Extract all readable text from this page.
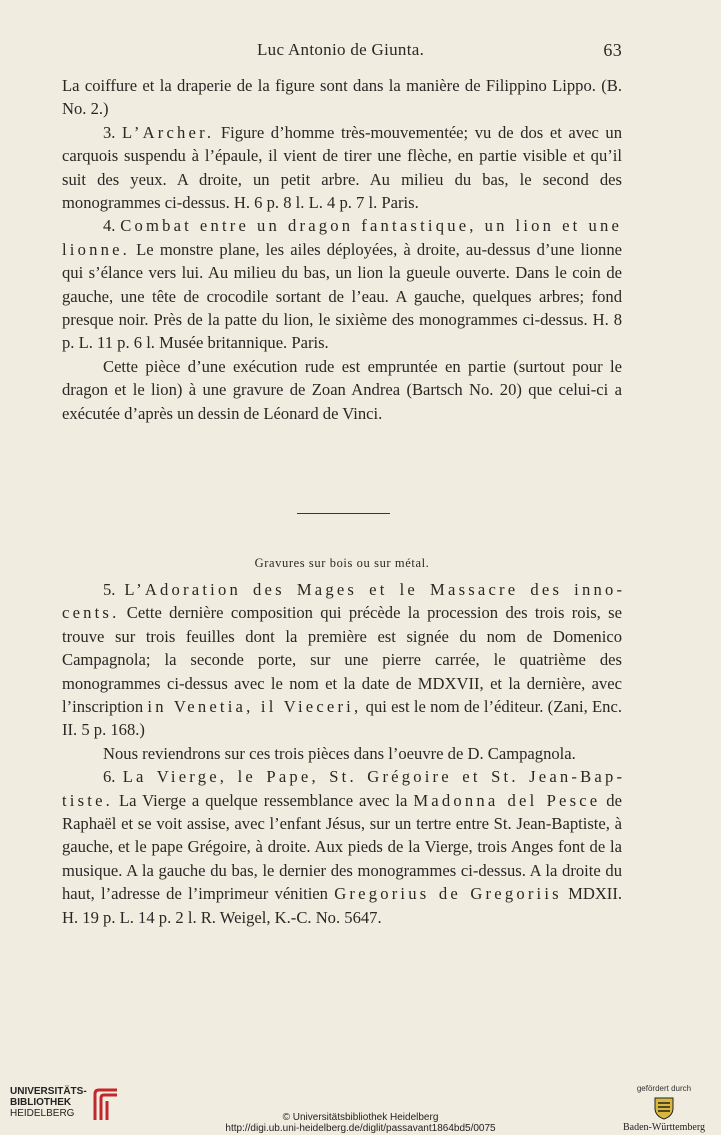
Luc Antonio de Giunta.	63

La coiffure et la draperie de la figure sont dans la manière de Filippino Lippo. (B. No. 2.)

3. L’Archer. Figure d’homme très-mouvementée; vu de dos et avec un carquois suspendu à l’épaule, il vient de tirer une flèche, en partie visible et qu’il suit des yeux. A droite, un petit arbre. Au milieu du bas, le second des monogrammes ci-dessus. H. 6 p. 8 l. L. 4 p. 7 l. Paris.

4. Combat entre un dragon fantastique, un lion et une lionne. Le monstre plane, les ailes déployées, à droite, au-dessus d’une lionne qui s’élance vers lui. Au milieu du bas, un lion la gueule ouverte. Dans le coin de gauche, une tête de crocodile sortant de l’eau. A gauche, quelques arbres; fond presque noir. Près de la patte du lion, le sixième des monogrammes ci-dessus. H. 8 p. L. 11 p. 6 l. Musée britannique. Paris.

Cette pièce d’une exécution rude est empruntée en partie (surtout pour le dragon et le lion) à une gravure de Zoan Andrea (Bartsch No. 20) que celui-ci a exécutée d’après un dessin de Léonard de Vinci.

Gravures sur bois ou sur métal.

5. L’Adoration des Mages et le Massacre des innocents. Cette dernière composition qui précède la procession des trois rois, se trouve sur trois feuilles dont la première est signée du nom de Domenico Campagnola; la seconde porte, sur une pierre carrée, le quatrième des monogrammes ci-dessus avec le nom et la date de MDXVII, et la dernière, avec l’inscription in Venetia, il Vieceri, qui est le nom de l’éditeur. (Zani, Enc. II. 5 p. 168.)

Nous reviendrons sur ces trois pièces dans l’oeuvre de D. Campagnola.

6. La Vierge, le Pape, St. Grégoire et St. Jean-Baptiste. La Vierge a quelque ressemblance avec la Madonna del Pesce de Raphaël et se voit assise, avec l’enfant Jésus, sur un tertre entre St. Jean-Baptiste, à gauche, et le pape Grégoire, à droite. Aux pieds de la Vierge, trois Anges font de la musique. A la gauche du bas, le dernier des monogrammes ci-dessus. A la droite du haut, l’adresse de l’imprimeur vénitien Gregorius de Gregoriis MDXII. H. 19 p. L. 14 p. 2 l. R. Weigel, K.-C. No. 5647.

UNIVERSITÄTS-
BIBLIOTHEK
HEIDELBERG	© Universitätsbibliothek Heidelberg
http://digi.ub.uni-heidelberg.de/diglit/passavant1864bd5/0075
gefördert durch
Baden-Württemberg
